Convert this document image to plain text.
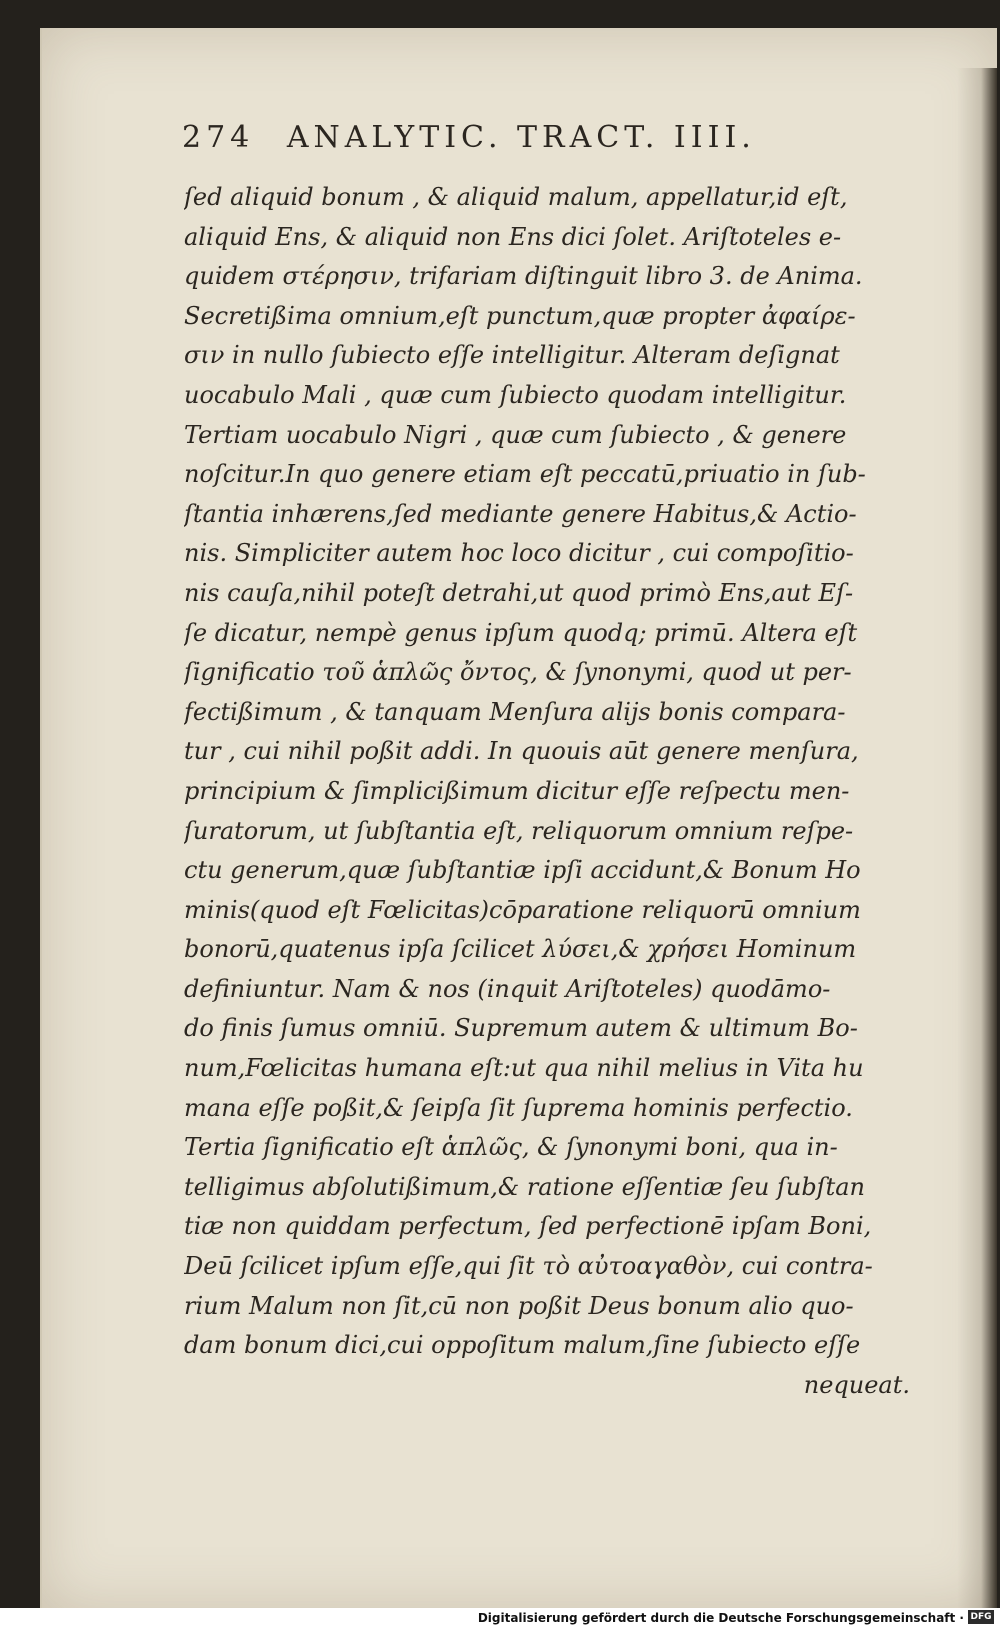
274 ANALYTIC. TRACT. IIII.
ſed aliquid bonum , & aliquid malum, appellatur,id eſt,
aliquid Ens, & aliquid non Ens dici ſolet. Ariſtoteles e-
quidem στέρησιν, trifariam diſtinguit libro 3. de Anima.
Secretißima omnium,eſt punctum,quæ propter ἀφαίρε-
σιν in nullo ſubiecto eſſe intelligitur. Alteram deſignat
uocabulo Mali , quæ cum ſubiecto quodam intelligitur.
Tertiam uocabulo Nigri , quæ cum ſubiecto , & genere
noſcitur.In quo genere etiam eſt peccatū,priuatio in ſub-
ſtantia inhærens,ſed mediante genere Habitus,& Actio-
nis. Simpliciter autem hoc loco dicitur , cui compoſitio-
nis cauſa,nihil poteſt detrahi,ut quod primò Ens,aut Eſ-
ſe dicatur, nempè genus ipſum quodq; primū. Altera eſt
ſignificatio τοῦ ἁπλῶς ὄντος, & ſynonymi, quod ut per-
fectißimum , & tanquam Menſura alijs bonis compara-
tur , cui nihil poßit addi. In quouis aūt genere menſura,
principium & ſimplicißimum dicitur eſſe reſpectu men-
ſuratorum, ut ſubſtantia eſt, reliquorum omnium reſpe-
ctu generum,quæ ſubſtantiæ ipſi accidunt,& Bonum Ho
minis(quod eſt Fœlicitas)cōparatione reliquorū omnium
bonorū,quatenus ipſa ſcilicet λύσει,& χρήσει Hominum
definiuntur. Nam & nos (inquit Ariſtoteles) quodāmo-
do finis ſumus omniū. Supremum autem & ultimum Bo-
num,Fœlicitas humana eſt:ut qua nihil melius in Vita hu
mana eſſe poßit,& ſeipſa ſit ſuprema hominis perfectio.
Tertia ſignificatio eſt ἁπλῶς, & ſynonymi boni, qua in-
telligimus abſolutißimum,& ratione eſſentiæ ſeu ſubſtan
tiæ non quiddam perfectum, ſed perfectionē ipſam Boni,
Deū ſcilicet ipſum eſſe,qui ſit τὸ αὐτοαγαθὸν, cui contra-
rium Malum non ſit,cū non poßit Deus bonum alio quo-
dam bonum dici,cui oppoſitum malum,ſine ſubiecto eſſe
nequeat.
Digitalisierung gefördert durch die Deutsche Forschungsgemeinschaft · DFG
